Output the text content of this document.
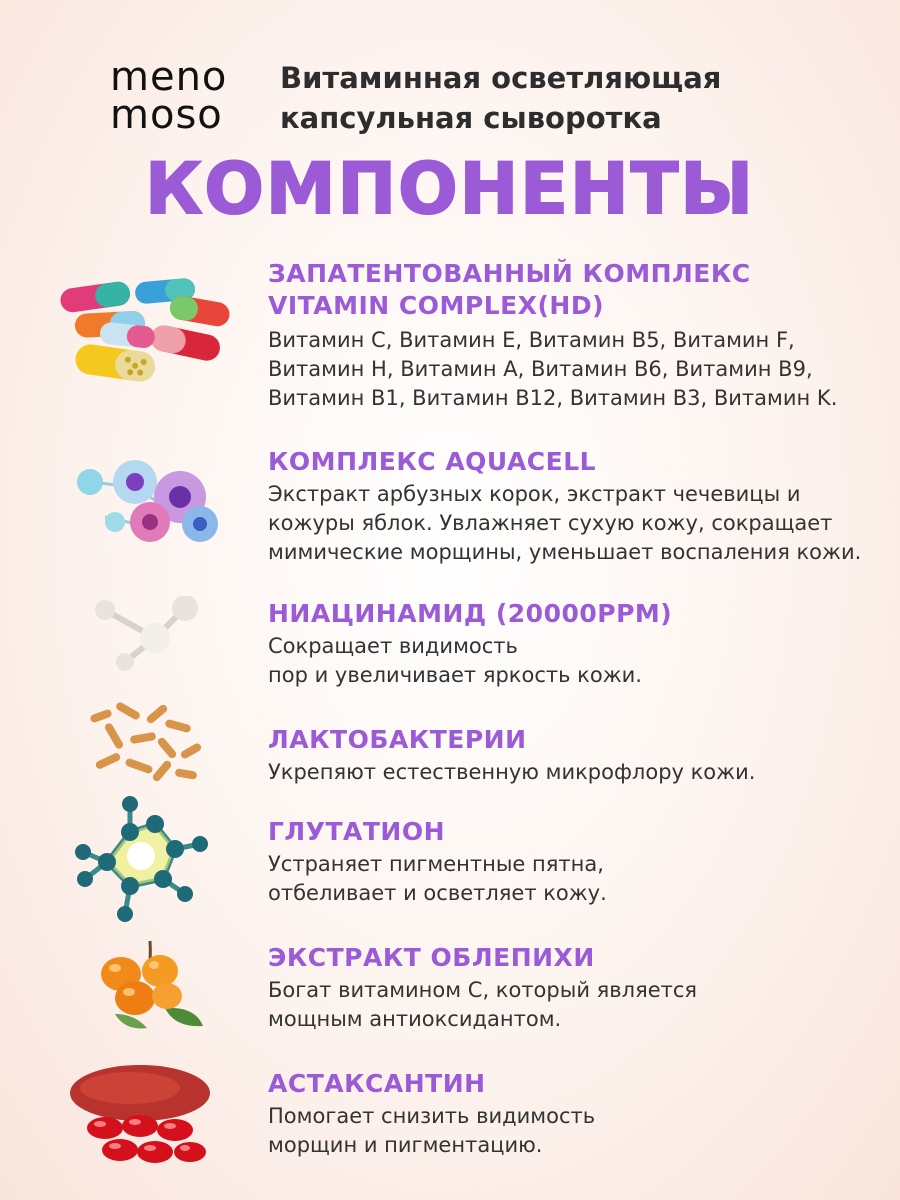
meno
moso
Витаминная осветляющая
капсульная сыворотка
КОМПОНЕНТЫ
ЗАПАТЕНТОВАННЫЙ КОМПЛЕКС
VITAMIN COMPLEX(HD)
Витамин C, Витамин E, Витамин B5, Витамин F,
Витамин H, Витамин A, Витамин B6, Витамин B9,
Витамин B1, Витамин B12, Витамин B3, Витамин K.
КОМПЛЕКС AQUACELL
Экстракт арбузных корок, экстракт чечевицы и
кожуры яблок. Увлажняет сухую кожу, сокращает
мимические морщины, уменьшает воспаления кожи.
НИАЦИНАМИД (20000PPM)
Сокращает видимость
пор и увеличивает яркость кожи.
ЛАКТОБАКТЕРИИ
Укрепяют естественную микрофлору кожи.
ГЛУТАТИОН
Устраняет пигментные пятна,
отбеливает и осветляет кожу.
ЭКСТРАКТ ОБЛЕПИХИ
Богат витамином С, который является
мощным антиоксидантом.
АСТАКСАНТИН
Помогает снизить видимость
морщин и пигментацию.
